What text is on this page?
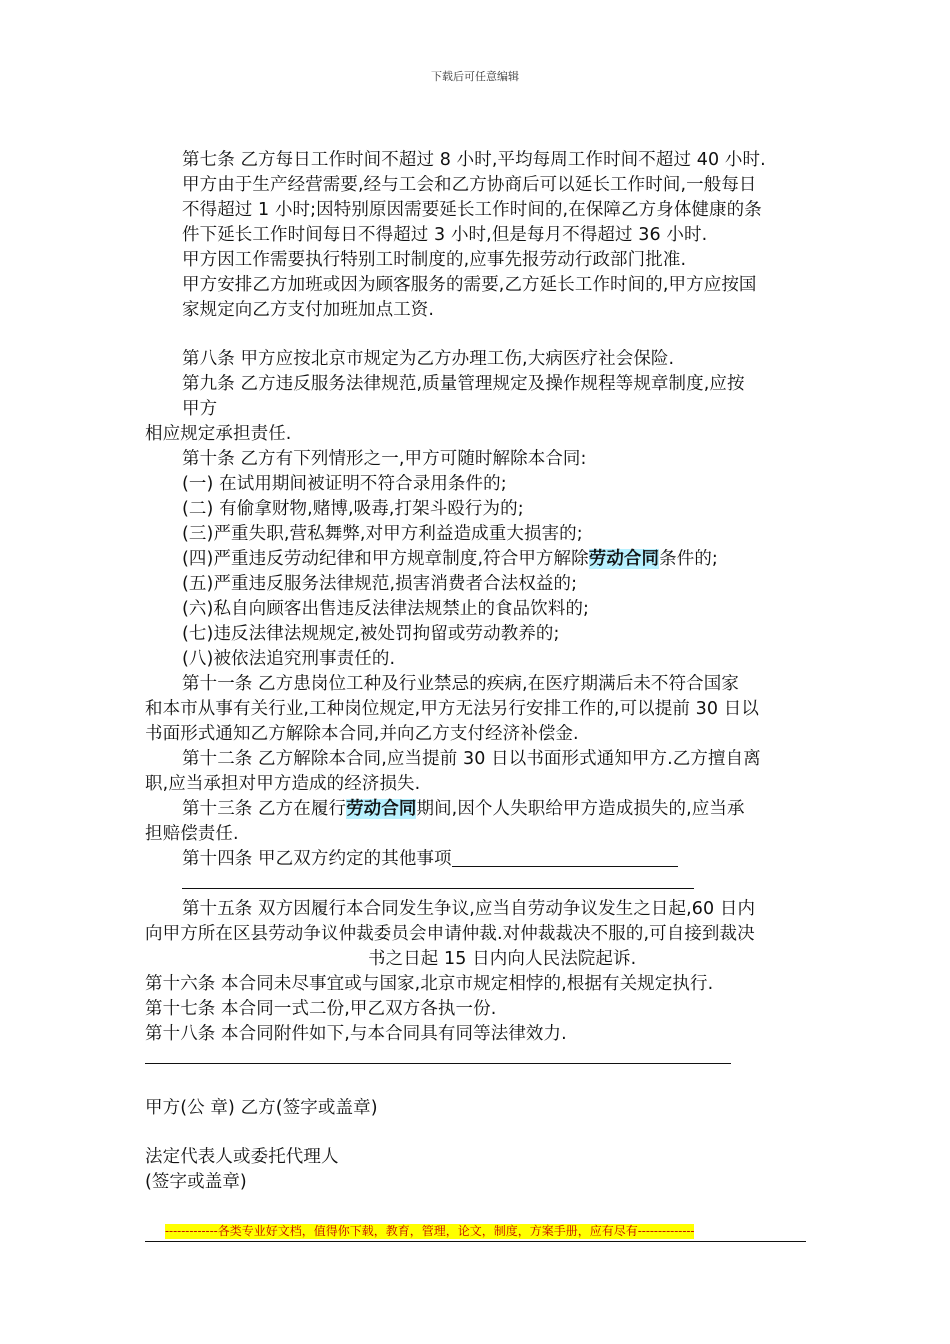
下载后可任意编辑
第七条 乙方每日工作时间不超过 8 小时,平均每周工作时间不超过 40 小时.
甲方由于生产经营需要,经与工会和乙方协商后可以延长工作时间,一般每日
不得超过 1 小时;因特别原因需要延长工作时间的,在保障乙方身体健康的条
件下延长工作时间每日不得超过 3 小时,但是每月不得超过 36 小时.
甲方因工作需要执行特别工时制度的,应事先报劳动行政部门批准.
甲方安排乙方加班或因为顾客服务的需要,乙方延长工作时间的,甲方应按国
家规定向乙方支付加班加点工资.
第八条 甲方应按北京市规定为乙方办理工伤,大病医疗社会保险.
第九条 乙方违反服务法律规范,质量管理规定及操作规程等规章制度,应按
甲方
相应规定承担责任.
第十条 乙方有下列情形之一,甲方可随时解除本合同:
(一) 在试用期间被证明不符合录用条件的;
(二) 有偷拿财物,赌博,吸毒,打架斗殴行为的;
(三)严重失职,营私舞弊,对甲方利益造成重大损害的;
(四)严重违反劳动纪律和甲方规章制度,符合甲方解除劳动合同条件的;
(五)严重违反服务法律规范,损害消费者合法权益的;
(六)私自向顾客出售违反法律法规禁止的食品饮料的;
(七)违反法律法规规定,被处罚拘留或劳动教养的;
(八)被依法追究刑事责任的.
第十一条 乙方患岗位工种及行业禁忌的疾病,在医疗期满后未不符合国家
和本市从事有关行业,工种岗位规定,甲方无法另行安排工作的,可以提前 30 日以
书面形式通知乙方解除本合同,并向乙方支付经济补偿金.
第十二条 乙方解除本合同,应当提前 30 日以书面形式通知甲方.乙方擅自离
职,应当承担对甲方造成的经济损失.
第十三条 乙方在履行劳动合同期间,因个人失职给甲方造成损失的,应当承
担赔偿责任.
第十四条 甲乙双方约定的其他事项
第十五条 双方因履行本合同发生争议,应当自劳动争议发生之日起,60 日内
向甲方所在区县劳动争议仲裁委员会申请仲裁.对仲裁裁决不服的,可自接到裁决
书之日起 15 日内向人民法院起诉.
第十六条 本合同未尽事宜或与国家,北京市规定相悖的,根据有关规定执行.
第十七条 本合同一式二份,甲乙双方各执一份.
第十八条 本合同附件如下,与本合同具有同等法律效力.
甲方(公 章) 乙方(签字或盖章)
法定代表人或委托代理人
(签字或盖章)
-------------各类专业好文档，值得你下载，教育，管理，论文，制度，方案手册，应有尽有--------------
